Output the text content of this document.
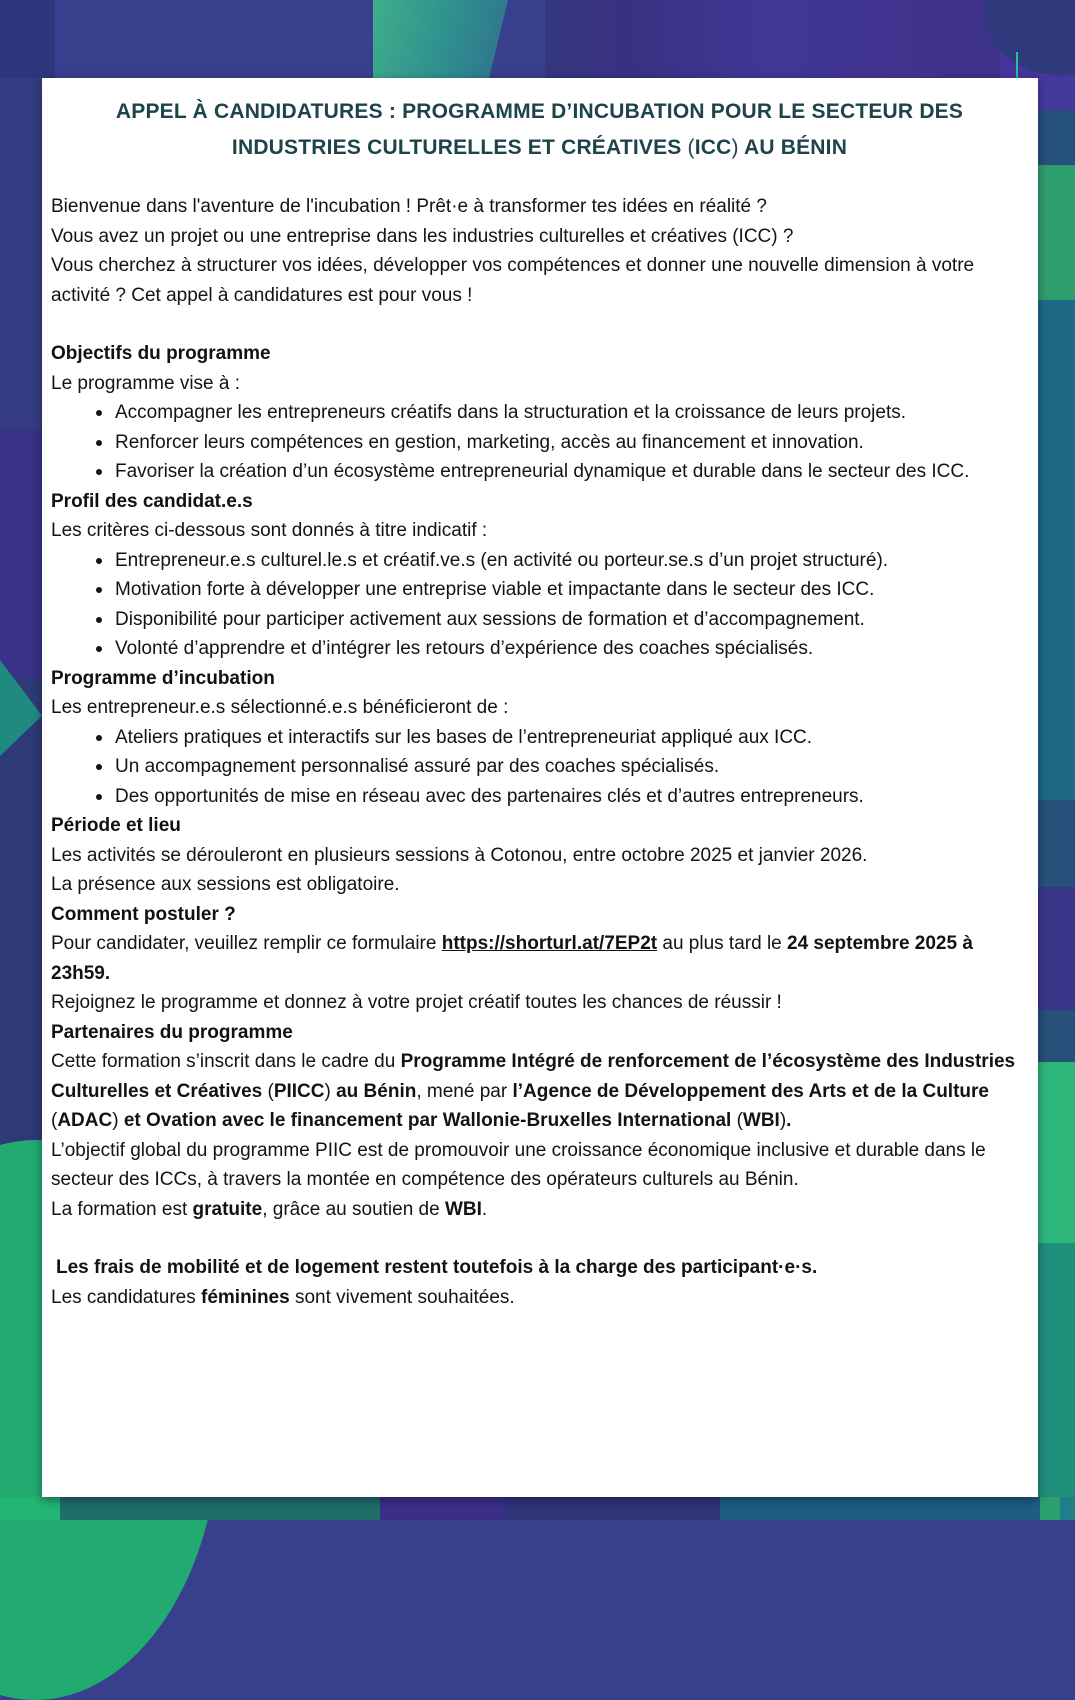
APPEL À CANDIDATURES : PROGRAMME D’INCUBATION POUR LE SECTEUR DES
INDUSTRIES CULTURELLES ET CRÉATIVES (ICC) AU BÉNIN

Bienvenue dans l'aventure de l'incubation ! Prêt·e à transformer tes idées en réalité ?

Vous avez un projet ou une entreprise dans les industries culturelles et créatives (ICC) ?

Vous cherchez à structurer vos idées, développer vos compétences et donner une nouvelle dimension à votre activité ? Cet appel à candidatures est pour vous !

Objectifs du programme

Le programme vise à :

Accompagner les entrepreneurs créatifs dans la structuration et la croissance de leurs projets.
Renforcer leurs compétences en gestion, marketing, accès au financement et innovation.
Favoriser la création d’un écosystème entrepreneurial dynamique et durable dans le secteur des ICC.
Profil des candidat.e.s

Les critères ci-dessous sont donnés à titre indicatif :

Entrepreneur.e.s culturel.le.s et créatif.ve.s (en activité ou porteur.se.s d’un projet structuré).
Motivation forte à développer une entreprise viable et impactante dans le secteur des ICC.
Disponibilité pour participer activement aux sessions de formation et d’accompagnement.
Volonté d’apprendre et d’intégrer les retours d’expérience des coaches spécialisés.
Programme d’incubation

Les entrepreneur.e.s sélectionné.e.s bénéficieront de :

Ateliers pratiques et interactifs sur les bases de l’entrepreneuriat appliqué aux ICC.
Un accompagnement personnalisé assuré par des coaches spécialisés.
Des opportunités de mise en réseau avec des partenaires clés et d’autres entrepreneurs.
Période et lieu

Les activités se dérouleront en plusieurs sessions à Cotonou, entre octobre 2025 et janvier 2026.

La présence aux sessions est obligatoire.

Comment postuler ?

Pour candidater, veuillez remplir ce formulaire https://shorturl.at/7EP2t au plus tard le 24 septembre 2025 à 23h59.

Rejoignez le programme et donnez à votre projet créatif toutes les chances de réussir !

Partenaires du programme

Cette formation s’inscrit dans le cadre du Programme Intégré de renforcement de l’écosystème des Industries Culturelles et Créatives (PIICC) au Bénin, mené par l’Agence de Développement des Arts et de la Culture (ADAC) et Ovation avec le financement par Wallonie-Bruxelles International (WBI).

L’objectif global du programme PIIC est de promouvoir une croissance économique inclusive et durable dans le secteur des ICCs, à travers la montée en compétence des opérateurs culturels au Bénin.

La formation est gratuite, grâce au soutien de WBI.

Les frais de mobilité et de logement restent toutefois à la charge des participant·e·s.

Les candidatures féminines sont vivement souhaitées.
